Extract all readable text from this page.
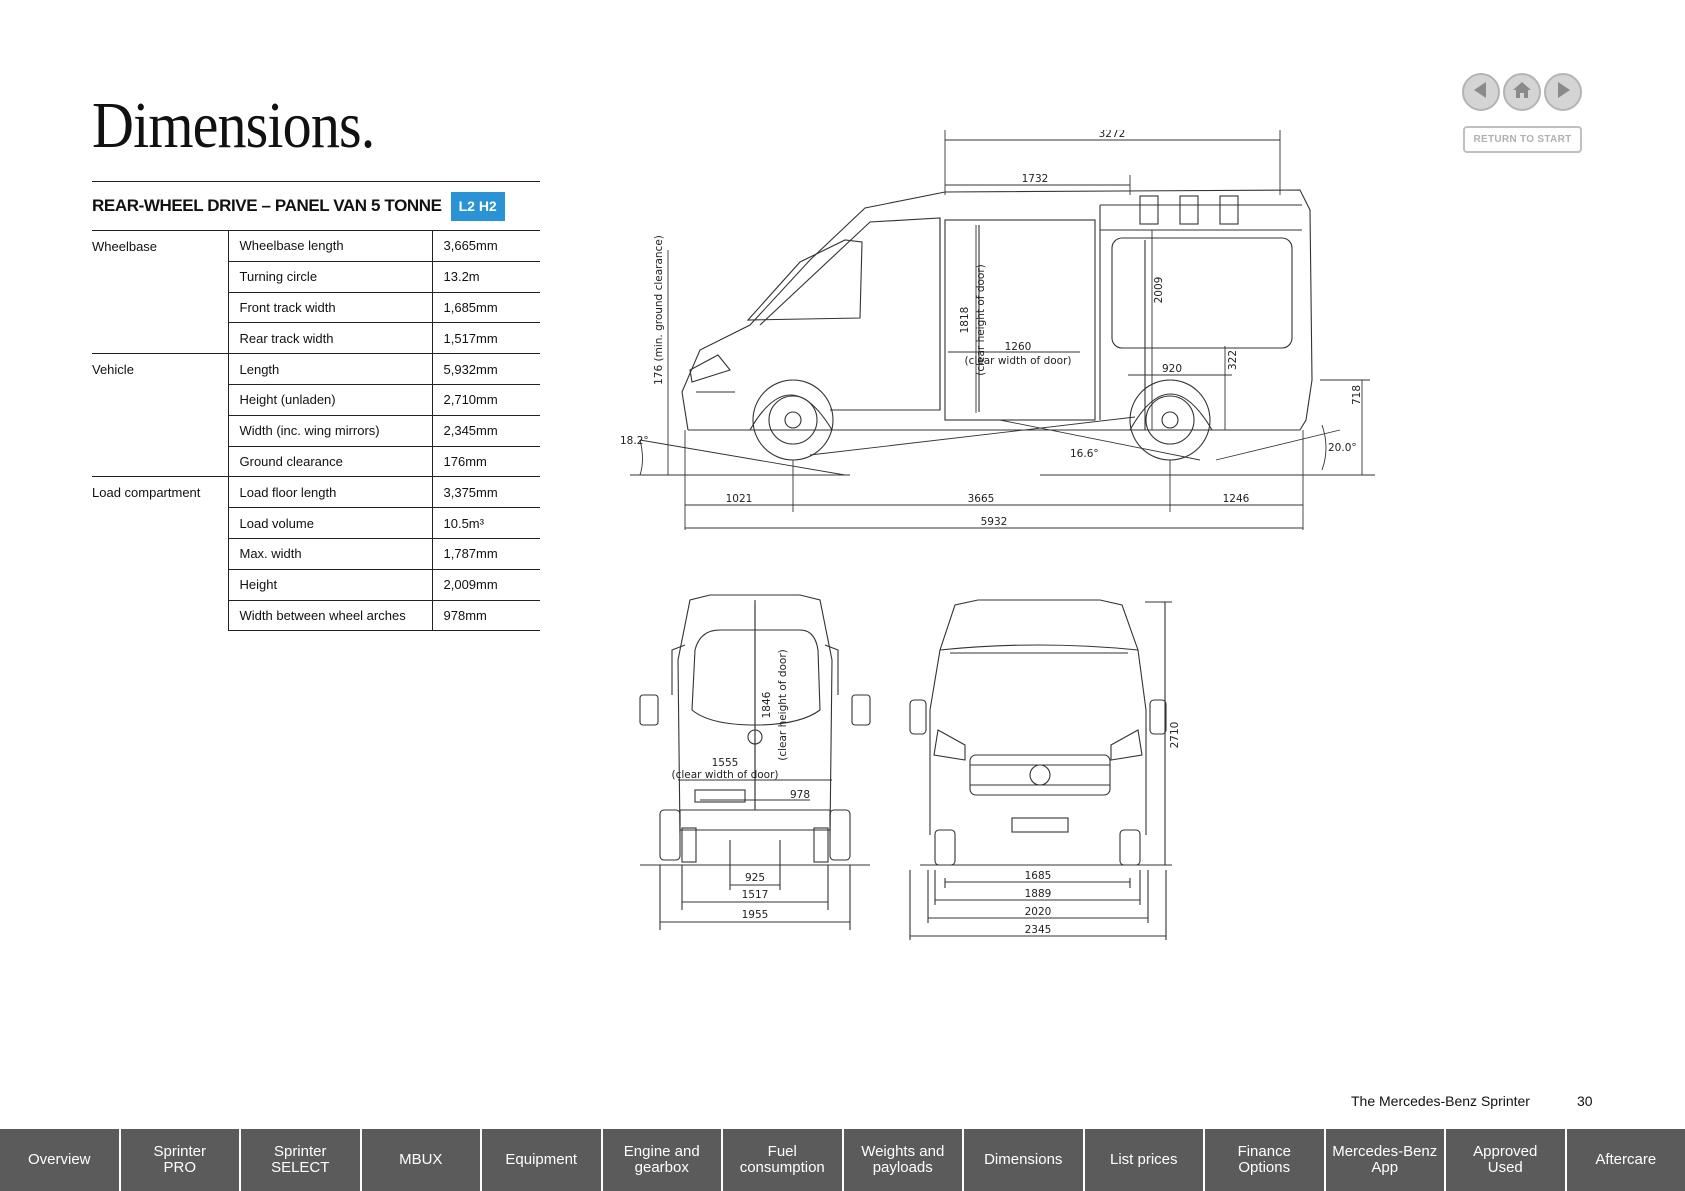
Dimensions.
REAR-WHEEL DRIVE – PANEL VAN 5 TONNE	L2 H2
Wheelbase	Wheelbase length	3,665mm
	Turning circle	13.2m
	Front track width	1,685mm
	Rear track width	1,517mm
Vehicle	Length	5,932mm
	Height (unladen)	2,710mm
	Width (inc. wing mirrors)	2,345mm
	Ground clearance	176mm
Load compartment	Load floor length	3,375mm
	Load volume	10.5m³
	Max. width	1,787mm
	Height	2,009mm
	Width between wheel arches	978mm
RETURN TO START
3272
1732
1818 (clear height of door) 1260
(clear width of door)
2009
920	322
718
176 (min. ground clearance)
18.2°
16.6°	20.0°
1021	3665	1246
5932
1846 (clear height of door)
1555
(clear width of door)
978
925
1517
1955
2710
1685
1889
2020
2345
The Mercedes-Benz Sprinter	30
Overview	Sprinter
PRO
Sprinter
SELECT	MBUX	Equipment	Engine and
gearbox
Fuel
consumption
Weights and
payloads	Dimensions	List prices	Finance
Options
Mercedes-Benz
App
Approved
Used	Aftercare
